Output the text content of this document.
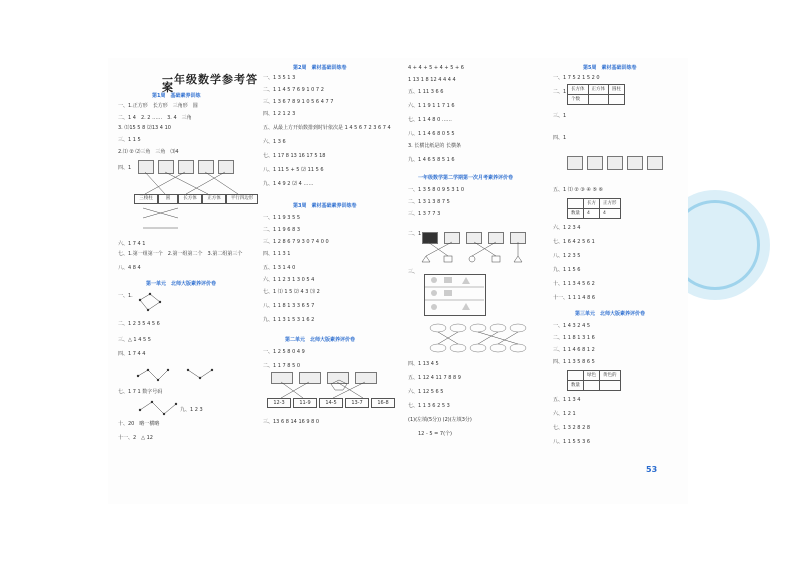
一年级数学参考答案
第1周　基础素养训练
一、1.正方形　长方形　三角形　圆
二、1 4　2. 2 ……　3. 4　三角
3. ⑴15 5 8 ⑵13 4 10
三、1 1 5
2.⑴ ② ⑵三角　三角　⑶4
四、1
三棱柱	圆	长方体	正方体	平行四边形
六、1 7 4 1
七、1.第一组第一个　2.第一组第二个　3.第二组第三个
八、4 8 4
第一单元　北师大版素养评价卷
一、1.
二、1 2 3 5 4 5 6
三、△ 1 4 5 5
四、1 7 4 4
七、1 7 1 数字号码
九、1 2 3
十、20　略一横略
十一、2　△ 12
第2周　素材基础训练卷
一、1 3 5 1 3
二、1 1 4 5 7 6 9 1 0 7 2
三、1 3 6 7 8 9 1 0 5 6 4 7 7
四、1 2 1 2 3
五、从最上方开始数排到时针依次是 1 4 5 6 7 2 3 6 7 4
六、1 3 6
七、1 17 8 13 16 17 5 18
八、1 11 5 + 5 ⑵ 11 5 6
九、1 4 9 2 ⑵ 4 ……
第3周　素材基础素养训练卷
一、1 1 9 3 5 5
二、1 1 9 6 8 3
三、1 2 8 6 7 9 3 0 7 4 0 0
四、1 1 3 1
五、1 3 1 4 0
六、1 1 2 3 1 3 0 5 4
七、1 ⑴ 1 5 ⑵ 4 3 ⑶ 2
八、1 1 8 1 3 3 6 5 7
九、1 1 3 1 5 3 1 6 2
第二单元　北师大版素养评价卷
一、1 2 5 8 0 4 9
二、1 1 7 8 5 0
12-3	11-9	14-5	13-7	16-8
三、13 6 8 14 16 9 8 0
4 + 4 + 5 + 4 + 5 + 6
1 13 1 8 12 4 4 4 4
五、1 11 3 6 6
六、1 1 9 1 1 7 1 6
七、1 1 4 8 0 ……
八、1 1 4 6 8 0 5 5
3. 长横比纸是的 长横条
九、1 4 6 5 8 5 1 6
一年级数学第二学期第一次月考素养评价卷
一、1 3 5 8 0 9 5 3 1 0
二、1 3 1 3 8 7 5
三、1 3 7 7 3
二、1
三、
四、1 13 4 5
五、1 12 4 11 7 8 8 9
六、1 12 5 6 5
七、1 1 3 6 2 5 3
(1)(左填(5分)) (2)(左填3分)
12 - 5 = 7(个)
第5周　素材基础训练卷
一、1 7 5 2 1 5 2 0
二、1 长方体	正方体	圆柱
个数		
三、1
四、1
五、1 ⑴ ② ③ ④ ⑤ ⑥
	长方	正方形
数量	4	4
六、1 2 3 4
七、1 6 4 2 5 6 1
八、1 2 3 5
九、1 1 5 6
十、1 1 3 4 5 6 2
十一、1 1 1 4 8 6
第三单元　北师大版素养评价卷
一、1 4 3 2 4 5
二、1 1 8 1 3 1 6
三、1 1 4 6 8 1 2
四、1 1 3 5 8 6 5
	绿色	黄色的
数量		
五、1 1 3 4
六、1 2 1
七、1 3 2 8 2 8
八、1 1 5 5 3 6
53
